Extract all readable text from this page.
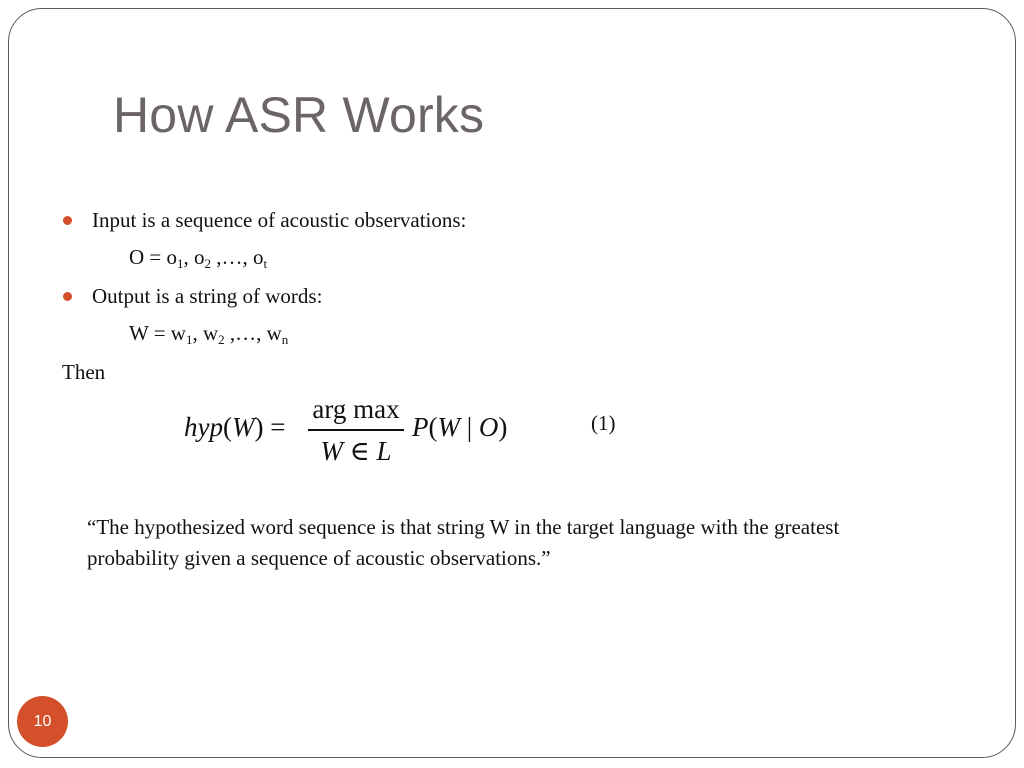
How ASR Works
Input is a sequence of acoustic observations:
$O = o_1$, $o_2$ ,…, $o_t$
Output is a string of words:
$W = w_1$, $w_2$ ,…, $w_n$
Then
hyp(W) =
arg max
W ∈ L
P(W | O)	(1)
“The hypothesized word sequence is that string W in the target language with the greatest probability given a sequence of acoustic observations.”
10
